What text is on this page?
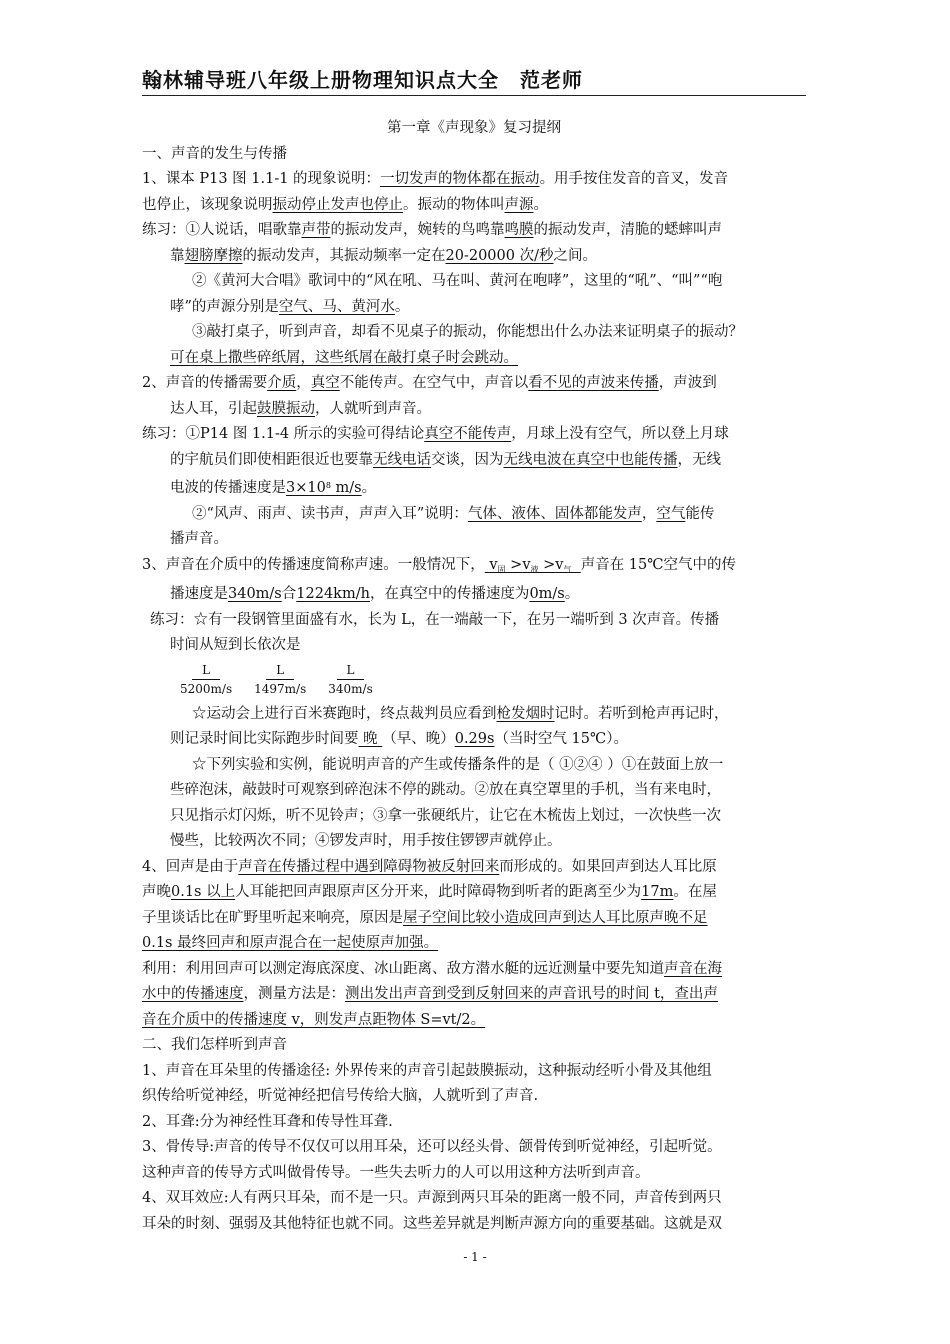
翰林辅导班八年级上册物理知识点大全　范老师

第一章《声现象》复习提纲

一、声音的发生与传播

1、课本 P13 图 1.1-1 的现象说明：一切发声的物体都在振动。用手按住发音的音叉，发音

也停止，该现象说明振动停止发声也停止。振动的物体叫声源。

练习：①人说话，唱歌靠声带的振动发声，婉转的鸟鸣靠鸣膜的振动发声，清脆的蟋蟀叫声

靠翅膀摩擦的振动发声，其振动频率一定在20-20000 次/秒之间。

②《黄河大合唱》歌词中的“风在吼、马在叫、黄河在咆哮”，这里的“吼”、“叫”“咆

哮”的声源分别是空气、马、黄河水。

③敲打桌子，听到声音，却看不见桌子的振动，你能想出什么办法来证明桌子的振动？

可在桌上撒些碎纸屑，这些纸屑在敲打桌子时会跳动。

2、声音的传播需要介质，真空不能传声。在空气中，声音以看不见的声波来传播，声波到

达人耳，引起鼓膜振动，人就听到声音。

练习：①P14 图 1.1-4 所示的实验可得结论真空不能传声，月球上没有空气，所以登上月球

的宇航员们即使相距很近也要靠无线电话交谈，因为无线电波在真空中也能传播，无线

电波的传播速度是$3\times 10^8$ m/s。

②“风声、雨声、读书声，声声入耳”说明：气体、液体、固体都能发声，空气能传

播声音。

3、声音在介质中的传播速度简称声速。一般情况下， $v_固 >v_液 >v_气$ 声音在 15℃空气中的传

播速度是340m/s合1224km/h，在真空中的传播速度为0m/s。

练习：☆有一段钢管里面盛有水，长为 L，在一端敲一下，在另一端听到 3 次声音。传播

时间从短到长依次是

$\frac{L}{5200m/s} \frac{L}{1497m/s} \frac{L}{340m/s}$

☆运动会上进行百米赛跑时，终点裁判员应看到枪发烟时记时。若听到枪声再记时，

则记录时间比实际跑步时间要 晚 （早、晚）0.29s（当时空气 15℃）。

☆下列实验和实例，能说明声音的产生或传播条件的是（ ①②④ ）①在鼓面上放一

些碎泡沫，敲鼓时可观察到碎泡沫不停的跳动。②放在真空罩里的手机，当有来电时，

只见指示灯闪烁，听不见铃声；③拿一张硬纸片，让它在木梳齿上划过，一次快些一次

慢些，比较两次不同；④锣发声时，用手按住锣锣声就停止。

4、回声是由于声音在传播过程中遇到障碍物被反射回来而形成的。如果回声到达人耳比原

声晚0.1s 以上人耳能把回声跟原声区分开来，此时障碍物到听者的距离至少为17m。在屋

子里谈话比在旷野里听起来响亮，原因是屋子空间比较小造成回声到达人耳比原声晚不足

0.1s 最终回声和原声混合在一起使原声加强。

利用：利用回声可以测定海底深度、冰山距离、敌方潜水艇的远近测量中要先知道声音在海

水中的传播速度，测量方法是：测出发出声音到受到反射回来的声音讯号的时间 t，查出声

音在介质中的传播速度 v，则发声点距物体 S=vt/2。

二、我们怎样听到声音

1、声音在耳朵里的传播途径: 外界传来的声音引起鼓膜振动，这种振动经听小骨及其他组

织传给听觉神经，听觉神经把信号传给大脑，人就听到了声音.

2、耳聋:分为神经性耳聋和传导性耳聋.

3、骨传导:声音的传导不仅仅可以用耳朵，还可以经头骨、颌骨传到听觉神经，引起听觉。

这种声音的传导方式叫做骨传导。一些失去听力的人可以用这种方法听到声音。

4、双耳效应:人有两只耳朵，而不是一只。声源到两只耳朵的距离一般不同，声音传到两只

耳朵的时刻、强弱及其他特征也就不同。这些差异就是判断声源方向的重要基础。这就是双

- 1 -
